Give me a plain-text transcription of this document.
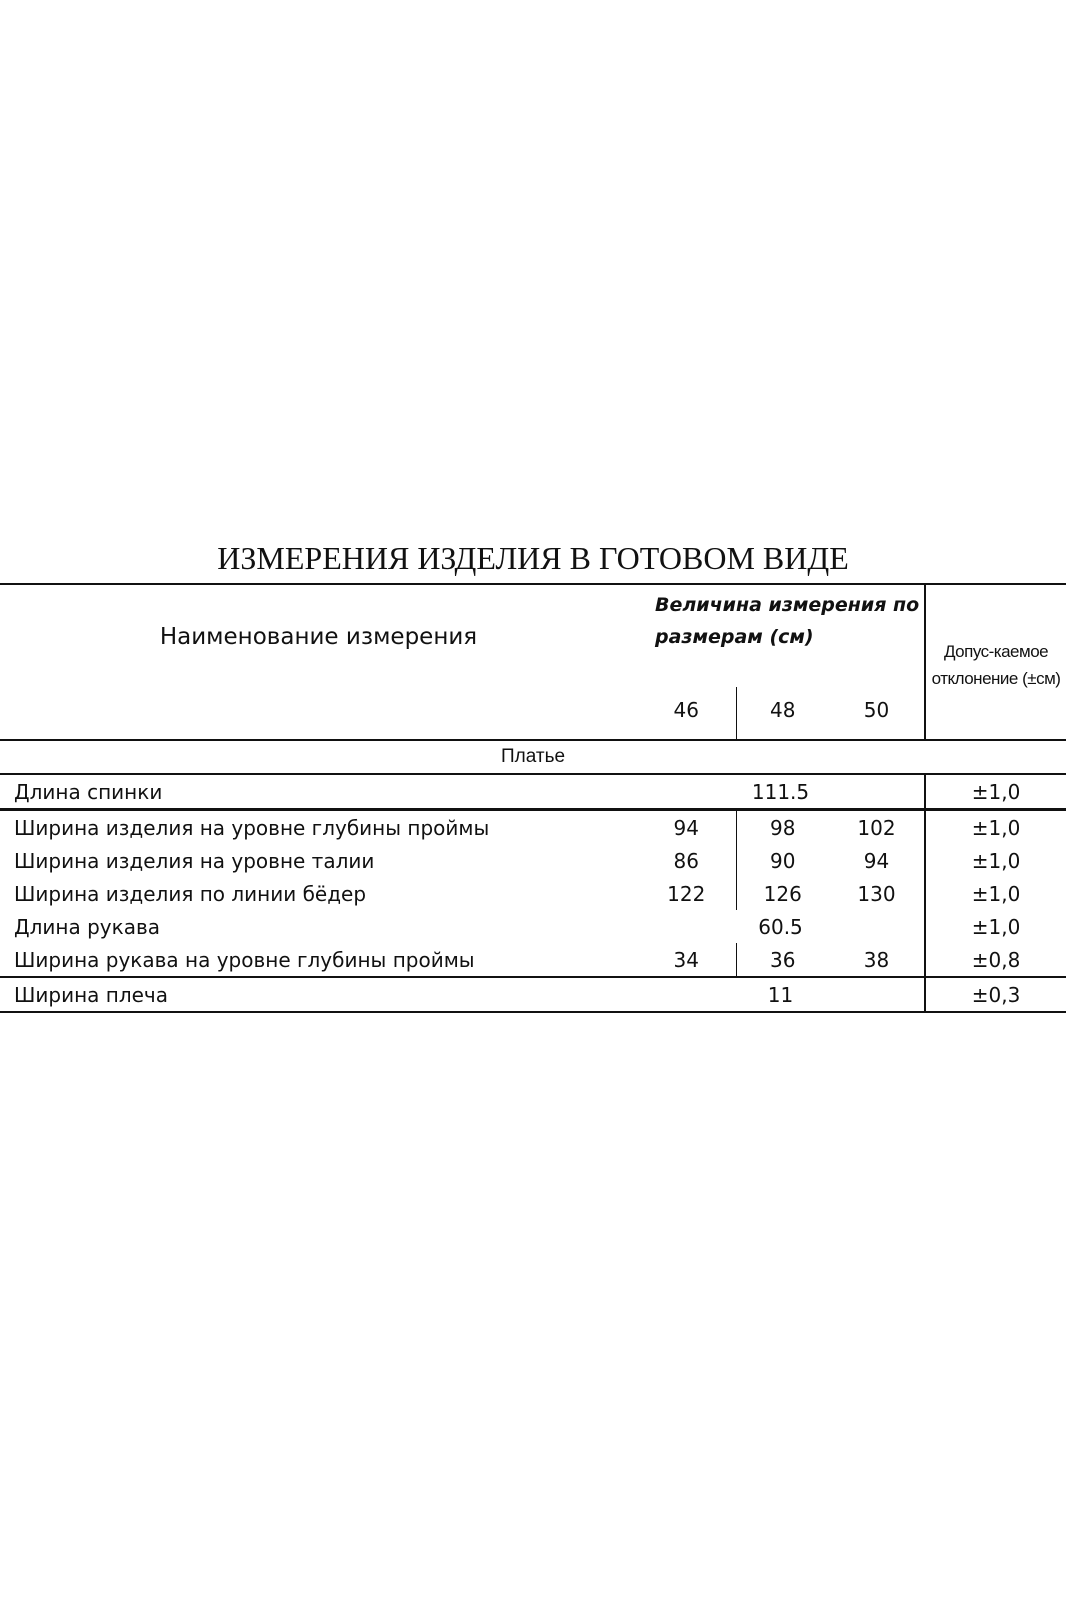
ИЗМЕРЕНИЯ ИЗДЕЛИЯ В ГОТОВОМ ВИДЕ
Наименование измерения	Величина измерения по размерам (см)			Допус-каемое отклонение (±см)
	46	48	50	
Платье				
Длина спинки	111.5			±1,0
Ширина изделия на уровне глубины проймы	94	98	102	±1,0
Ширина изделия на уровне талии	86	90	94	±1,0
Ширина изделия по линии бёдер	122	126	130	±1,0
Длина рукава	60.5			±1,0
Ширина рукава на уровне глубины проймы	34	36	38	±0,8
Ширина плеча	11			±0,3
